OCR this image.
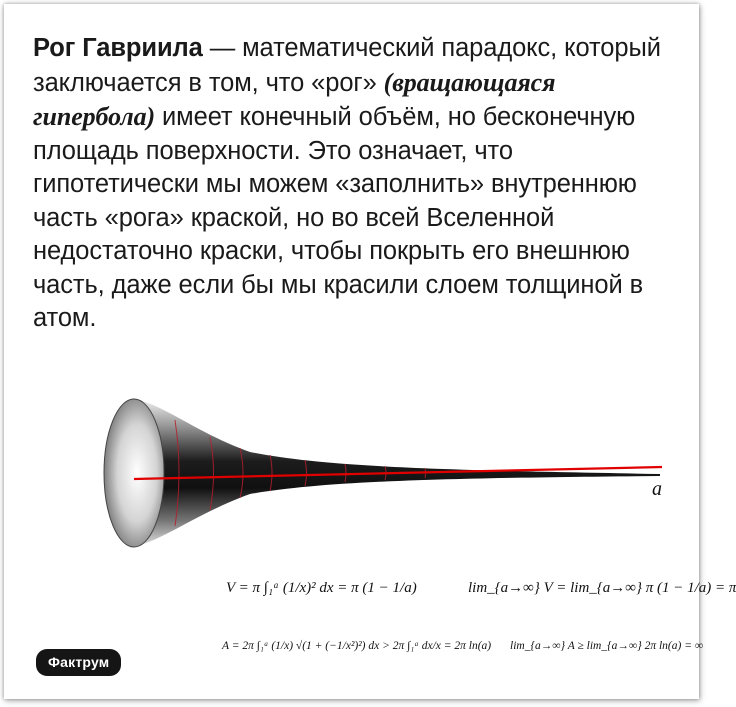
Рог Гавриила — математический парадокс, который заключается в том, что «рог» (вращающаяся гипербола) имеет конечный объём, но бесконечную площадь поверхности. Это означает, что гипотетически мы можем «заполнить» внутреннюю часть «рога» краской, но во всей Вселенной недостаточно краски, чтобы покрыть его внешнюю часть, даже если бы мы красили слоем толщиной в атом.
a
V = π ∫₁ᵃ (1/x)² dx = π (1 − 1/a)	lim_{a→∞} V = lim_{a→∞} π (1 − 1/a) = π
A = 2π ∫₁ᵃ (1/x) √(1 + (−1/x²)²) dx > 2π ∫₁ᵃ dx/x = 2π ln(a) lim_{a→∞} A ≥ lim_{a→∞} 2π ln(a) = ∞
Фактрум
